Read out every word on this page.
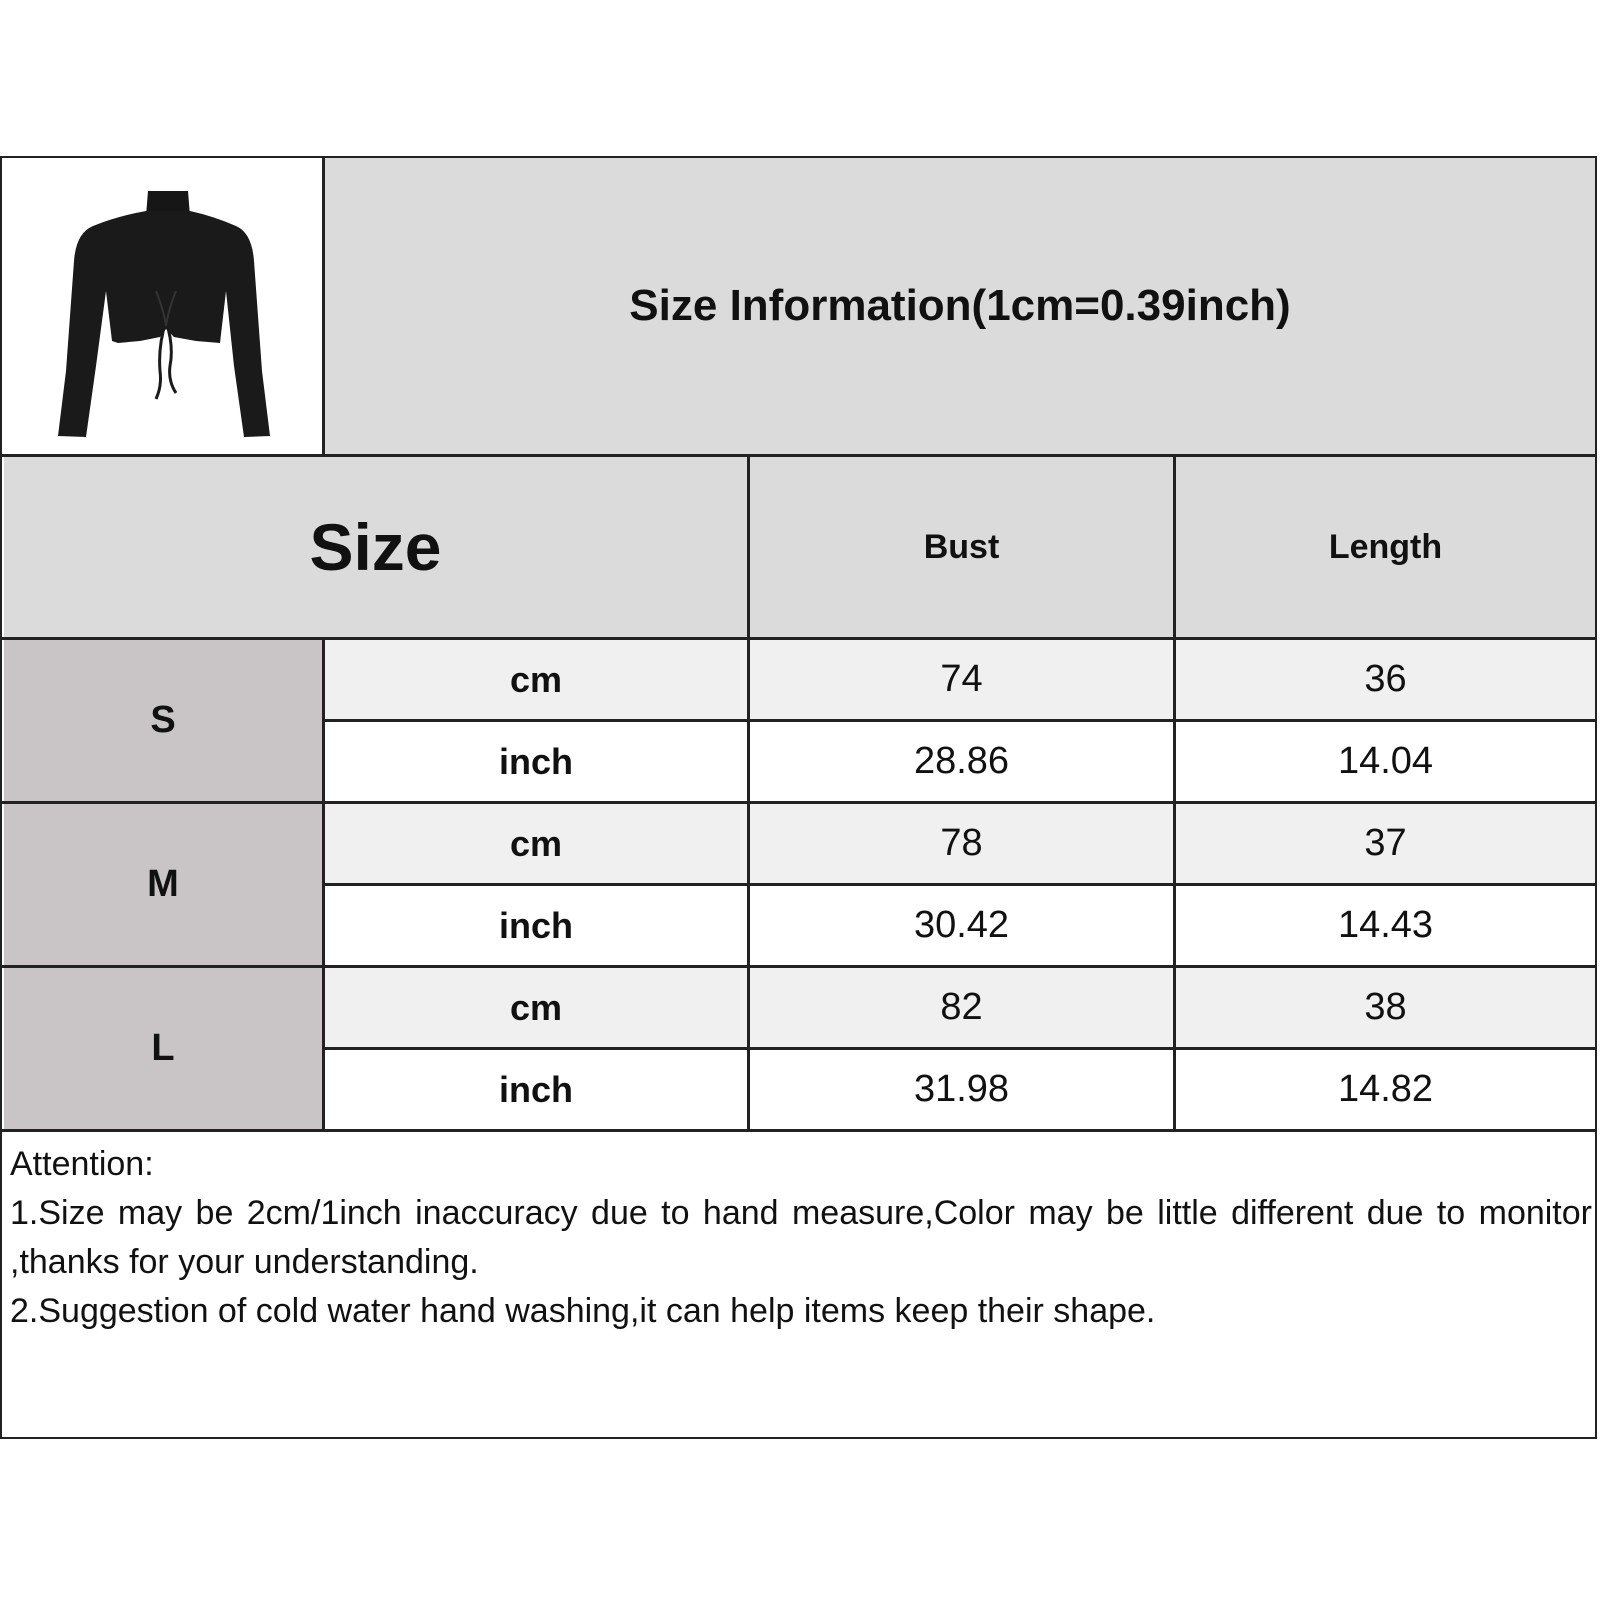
Size Information(1cm=0.39inch)
Size	Bust	Length
S
cm	74	36
inch	28.86	14.04
M
cm	78	37
inch	30.42	14.43
L
cm	82	38
inch	31.98	14.82
Attention:
1.Size may be 2cm/1inch inaccuracy due to hand measure,Color may be little different due to monitor ,thanks for your understanding.
2.Suggestion of cold water hand washing,it can help items keep their shape.
